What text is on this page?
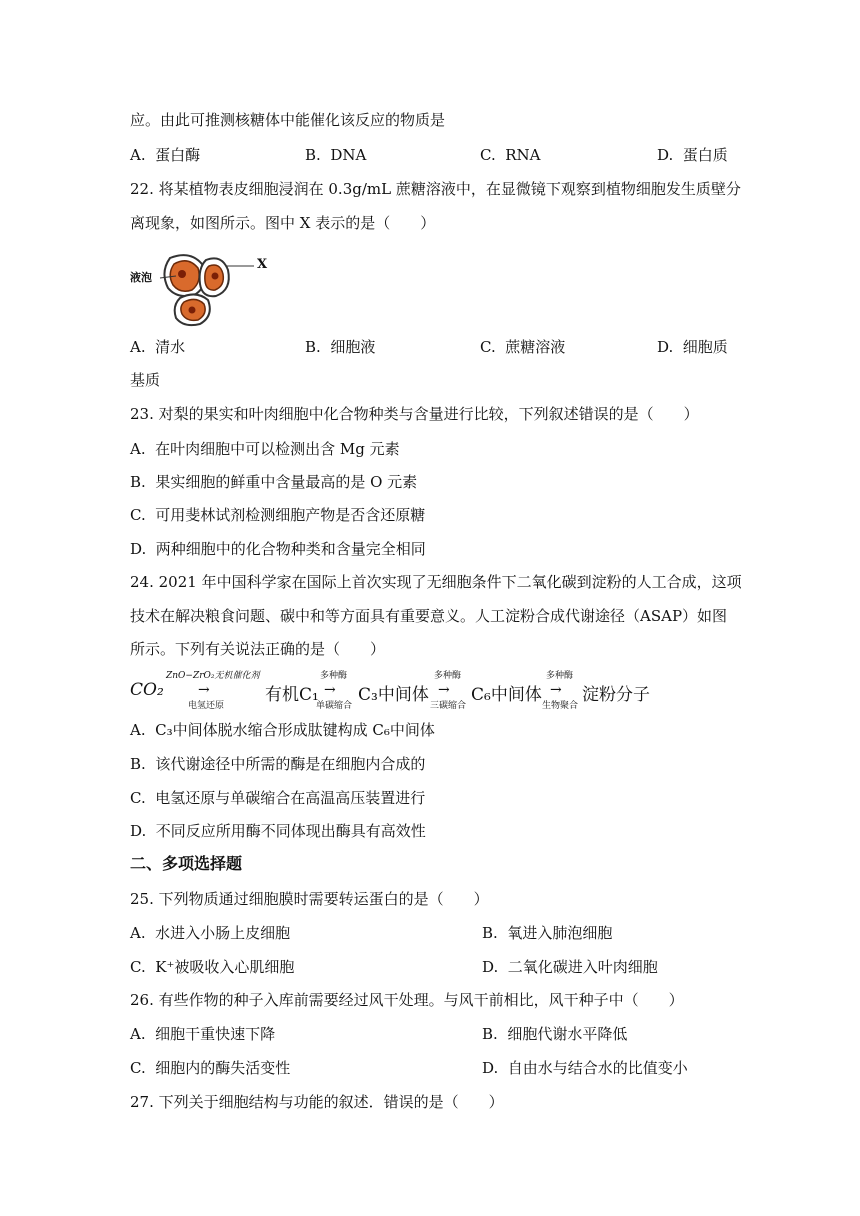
应。由此可推测核糖体中能催化该反应的物质是
A.  蛋白酶	B.  DNA	C.  RNA	D.  蛋白质
22. 将某植物表皮细胞浸润在 0.3g/mL 蔗糖溶液中，在显微镜下观察到植物细胞发生质壁分
离现象，如图所示。图中 X 表示的是（　　）
液泡
X
A.  清水	B.  细胞液	C.  蔗糖溶液	D.  细胞质
基质
23. 对梨的果实和叶肉细胞中化合物种类与含量进行比较，下列叙述错误的是（　　）
A.  在叶肉细胞中可以检测出含 Mg 元素
B.  果实细胞的鲜重中含量最高的是 O 元素
C.  可用斐林试剂检测细胞产物是否含还原糖
D.  两种细胞中的化合物种类和含量完全相同
24. 2021 年中国科学家在国际上首次实现了无细胞条件下二氧化碳到淀粉的人工合成，这项
技术在解决粮食问题、碳中和等方面具有重要意义。人工淀粉合成代谢途径（ASAP）如图
所示。下列有关说法正确的是（　　）
CO₂
ZnO−ZrO₂无机催化剂
→
电氢还原
有机C₁
多种酶
→
单碳缩合
C₃中间体
多种酶
→
三碳缩合
C₆中间体
多种酶
→
生物聚合
淀粉分子
A.  C₃中间体脱水缩合形成肽键构成 C₆中间体
B.  该代谢途径中所需的酶是在细胞内合成的
C.  电氢还原与单碳缩合在高温高压装置进行
D.  不同反应所用酶不同体现出酶具有高效性
二、多项选择题
25. 下列物质通过细胞膜时需要转运蛋白的是（　　）
A.  水进入小肠上皮细胞	B.  氧进入肺泡细胞
C.  K⁺被吸收入心肌细胞	D.  二氧化碳进入叶肉细胞
26. 有些作物的种子入库前需要经过风干处理。与风干前相比，风干种子中（　　）
A.  细胞干重快速下降	B.  细胞代谢水平降低
C.  细胞内的酶失活变性	D.  自由水与结合水的比值变小
27. 下列关于细胞结构与功能的叙述．错误的是（　　）
